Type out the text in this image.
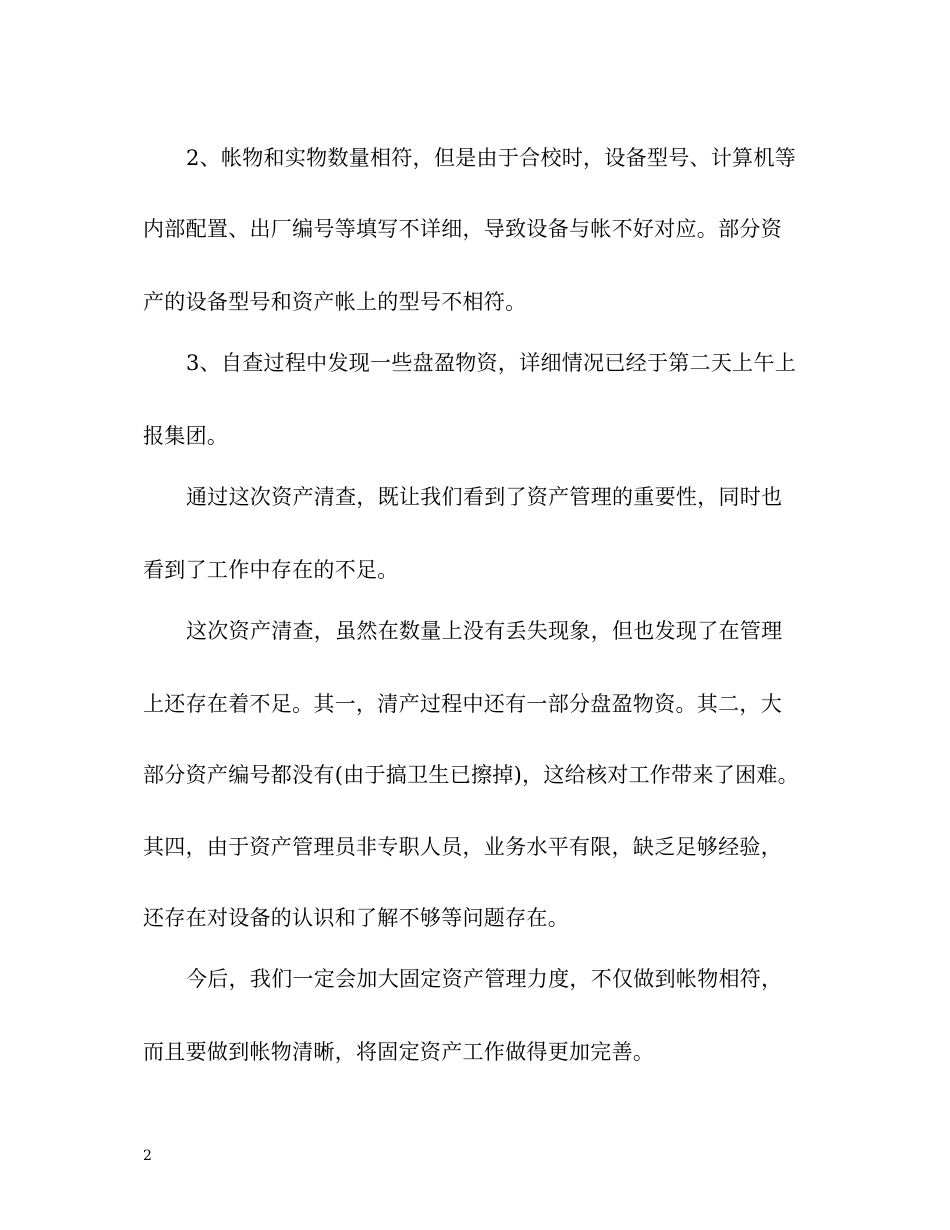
2、帐物和实物数量相符，但是由于合校时，设备型号、计算机等
内部配置、出厂编号等填写不详细，导致设备与帐不好对应。部分资
产的设备型号和资产帐上的型号不相符。
3、自查过程中发现一些盘盈物资，详细情况已经于第二天上午上
报集团。
通过这次资产清查，既让我们看到了资产管理的重要性，同时也
看到了工作中存在的不足。
这次资产清查，虽然在数量上没有丢失现象，但也发现了在管理
上还存在着不足。其一，清产过程中还有一部分盘盈物资。其二，大
部分资产编号都没有(由于搞卫生已擦掉)，这给核对工作带来了困难。
其四，由于资产管理员非专职人员，业务水平有限，缺乏足够经验，
还存在对设备的认识和了解不够等问题存在。
今后，我们一定会加大固定资产管理力度，不仅做到帐物相符，
而且要做到帐物清晰，将固定资产工作做得更加完善。
2
